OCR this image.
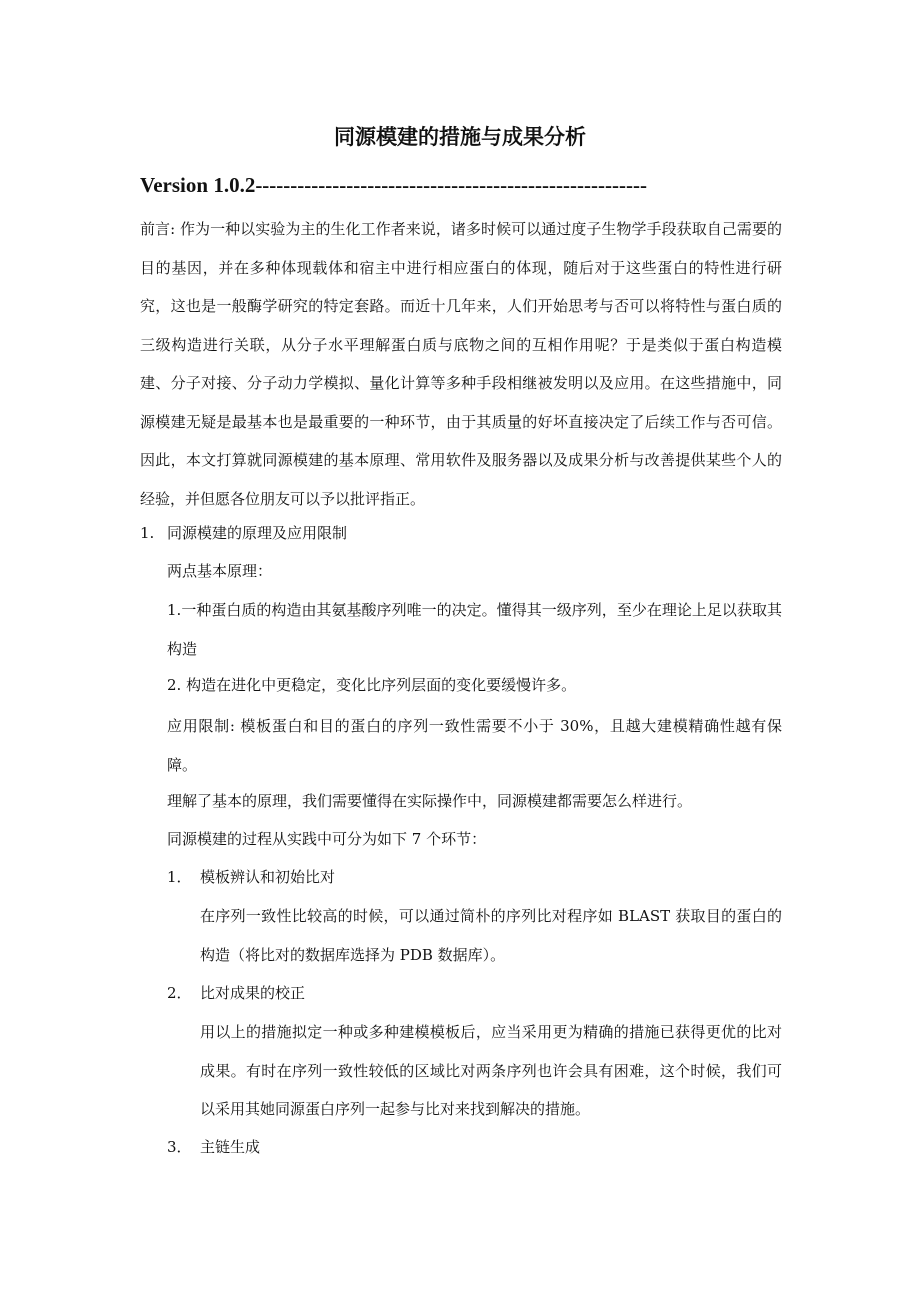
同源模建的措施与成果分析
Version 1.0.2--------------------------------------------------------
前言: 作为一种以实验为主的生化工作者来说，诸多时候可以通过度子生物学手段获取自己需要的目的基因，并在多种体现载体和宿主中进行相应蛋白的体现，随后对于这些蛋白的特性进行研究，这也是一般酶学研究的特定套路。而近十几年来，人们开始思考与否可以将特性与蛋白质的三级构造进行关联，从分子水平理解蛋白质与底物之间的互相作用呢？于是类似于蛋白构造模建、分子对接、分子动力学模拟、量化计算等多种手段相继被发明以及应用。在这些措施中，同源模建无疑是最基本也是最重要的一种环节，由于其质量的好坏直接决定了后续工作与否可信。因此，本文打算就同源模建的基本原理、常用软件及服务器以及成果分析与改善提供某些个人的经验，并但愿各位朋友可以予以批评指正。
1. 同源模建的原理及应用限制
两点基本原理：
1.一种蛋白质的构造由其氨基酸序列唯一的决定。懂得其一级序列，至少在理论上足以获取其构造
2. 构造在进化中更稳定，变化比序列层面的变化要缓慢许多。
应用限制: 模板蛋白和目的蛋白的序列一致性需要不小于 30%，且越大建模精确性越有保障。
理解了基本的原理，我们需要懂得在实际操作中，同源模建都需要怎么样进行。
同源模建的过程从实践中可分为如下 7 个环节：
1． 模板辨认和初始比对
在序列一致性比较高的时候，可以通过简朴的序列比对程序如 BLAST 获取目的蛋白的构造（将比对的数据库选择为 PDB 数据库）。
2． 比对成果的校正
用以上的措施拟定一种或多种建模模板后，应当采用更为精确的措施已获得更优的比对成果。有时在序列一致性较低的区域比对两条序列也许会具有困难，这个时候，我们可以采用其她同源蛋白序列一起参与比对来找到解决的措施。
3． 主链生成
